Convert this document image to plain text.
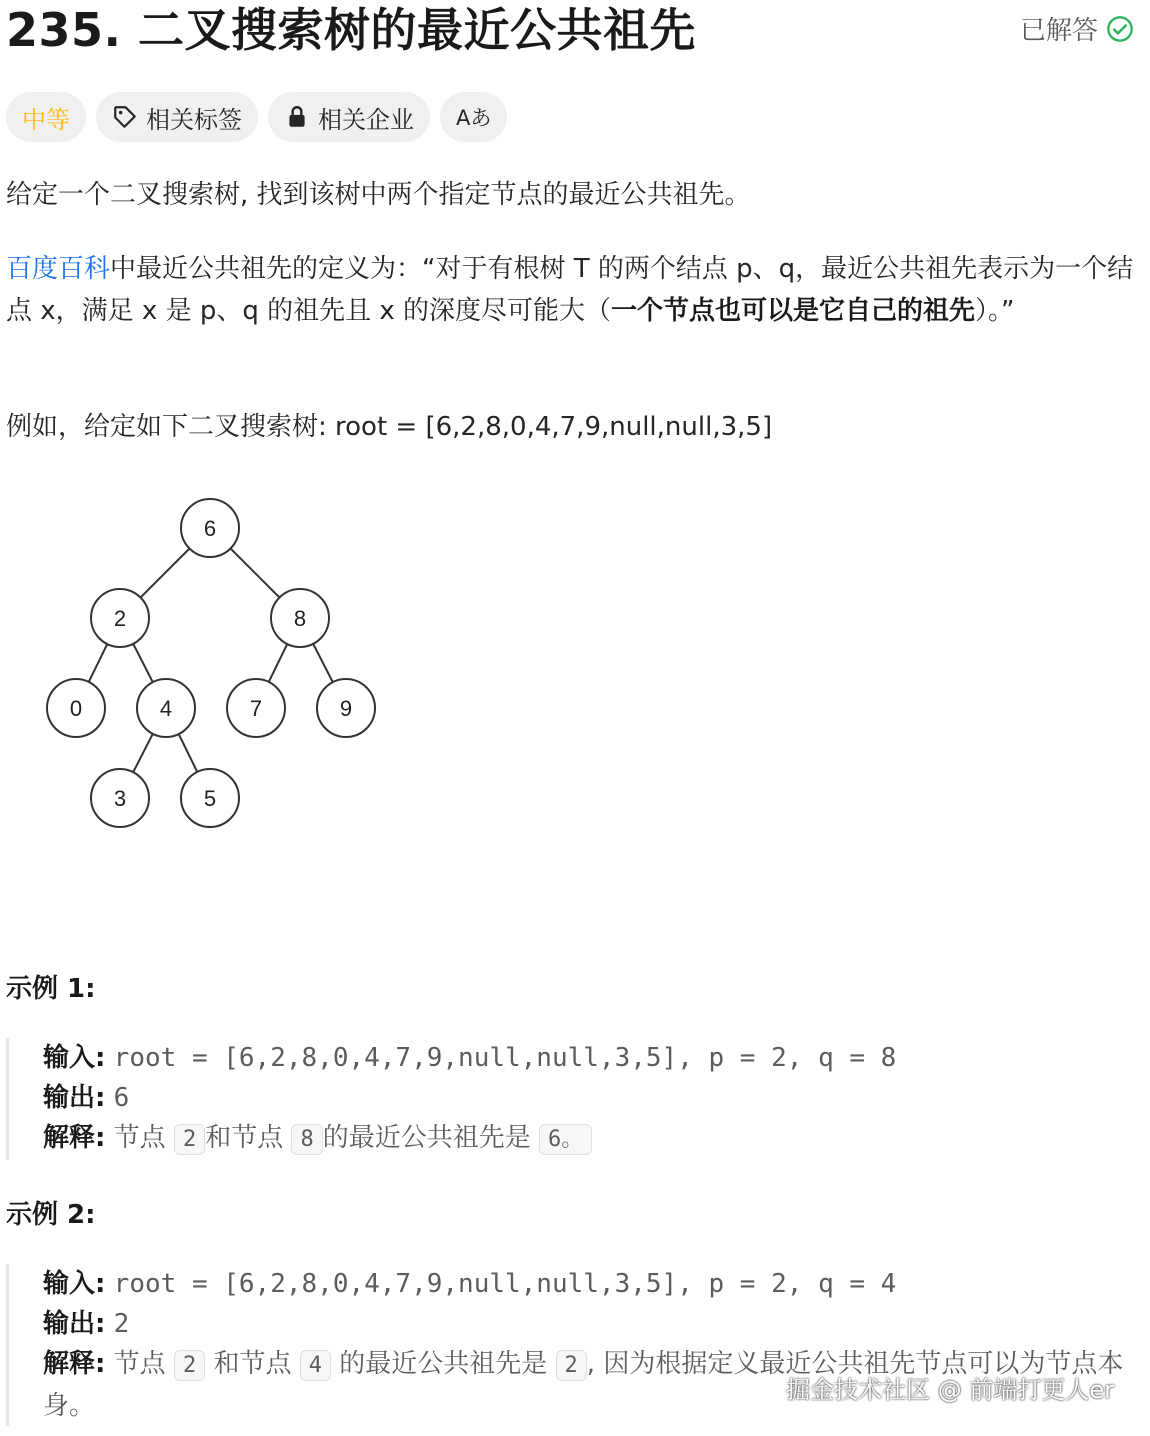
235. 二叉搜索树的最近公共祖先	已解答
中等	相关标签	相关企业 Aあ
给定一个二叉搜索树, 找到该树中两个指定节点的最近公共祖先。
百度百科中最近公共祖先的定义为：“对于有根树 T 的两个结点 p、q，最近公共祖先表示为一个结点 x，满足 x 是 p、q 的祖先且 x 的深度尽可能大（一个节点也可以是它自己的祖先）。”
例如，给定如下二叉搜索树: root = [6,2,8,0,4,7,9,null,null,3,5]
6
2	8
0	4	7	9
3	5
示例 1:
输入: root = [6,2,8,0,4,7,9,null,null,3,5], p = 2, q = 8
输出: 6
解释: 节点 2 和节点 8 的最近公共祖先是 6。
示例 2:
输入: root = [6,2,8,0,4,7,9,null,null,3,5], p = 2, q = 4
输出: 2
解释: 节点 2 和节点 4 的最近公共祖先是 2 , 因为根据定义最近公共祖先节点可以为节点本身。
掘金技术社区 @ 前端打更人er
